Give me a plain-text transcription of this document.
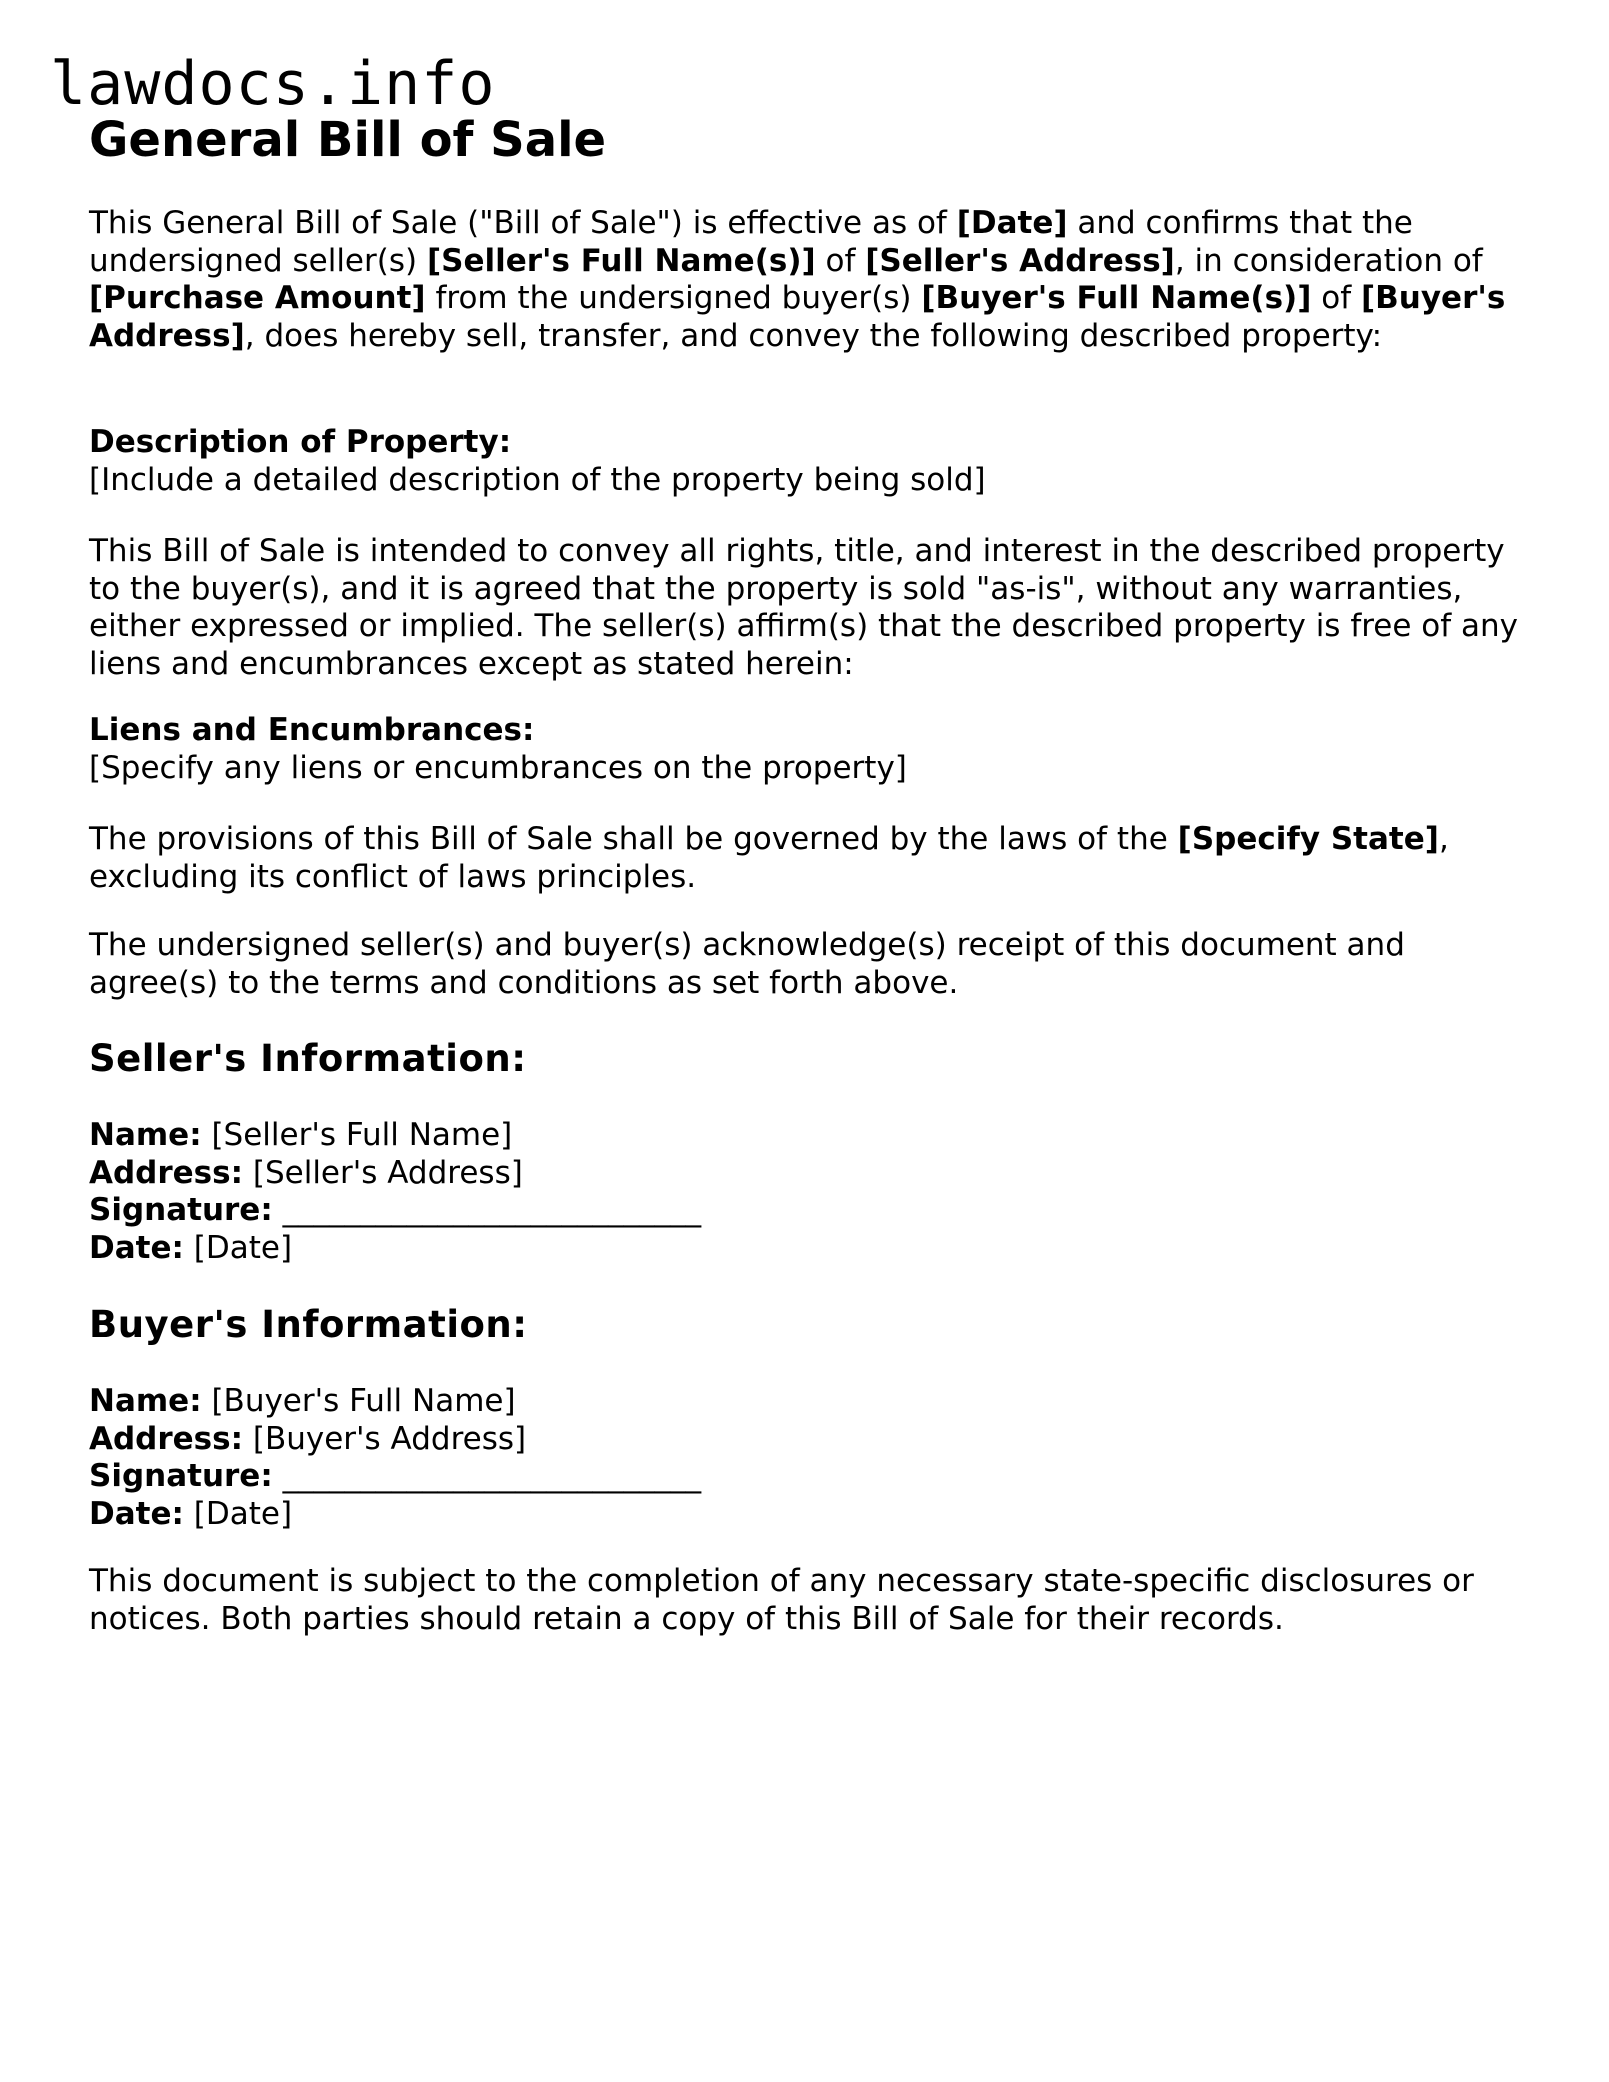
lawdocs.info
General Bill of Sale

This General Bill of Sale ("Bill of Sale") is effective as of [Date] and confirms that the undersigned seller(s) [Seller's Full Name(s)] of [Seller's Address], in consideration of [Purchase Amount] from the undersigned buyer(s) [Buyer's Full Name(s)] of [Buyer's Address], does hereby sell, transfer, and convey the following described property:

Description of Property:
[Include a detailed description of the property being sold]

This Bill of Sale is intended to convey all rights, title, and interest in the described property to the buyer(s), and it is agreed that the property is sold "as-is", without any warranties, either expressed or implied. The seller(s) affirm(s) that the described property is free of any liens and encumbrances except as stated herein:

Liens and Encumbrances:
[Specify any liens or encumbrances on the property]

The provisions of this Bill of Sale shall be governed by the laws of the [Specify State], excluding its conflict of laws principles.

The undersigned seller(s) and buyer(s) acknowledge(s) receipt of this document and agree(s) to the terms and conditions as set forth above.

Seller's Information:

Name: [Seller's Full Name]
Address: [Seller's Address]
Signature: ___________________________
Date: [Date]

Buyer's Information:

Name: [Buyer's Full Name]
Address: [Buyer's Address]
Signature: ___________________________
Date: [Date]

This document is subject to the completion of any necessary state-specific disclosures or notices. Both parties should retain a copy of this Bill of Sale for their records.
